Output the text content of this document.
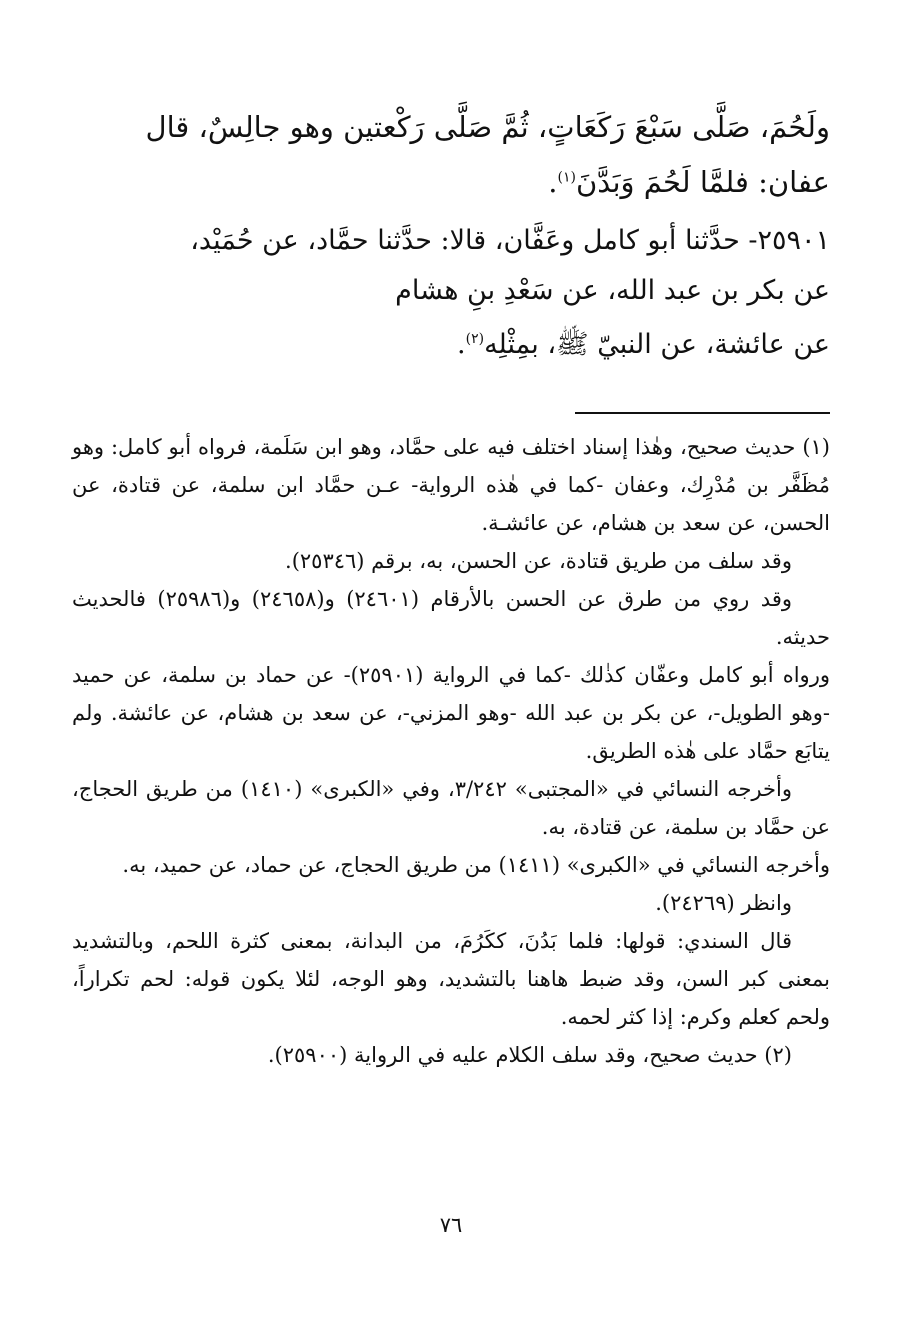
ولَحُمَ، صَلَّى سَبْعَ رَكَعَاتٍ، ثُمَّ صَلَّى رَكْعتين وهو جالِسٌ، قال
عفان: فلمَّا لَحُمَ وَبَدَّنَ$^{(١)}$.

٢٥٩٠١- حدَّثنا أبو كامل وعَفَّان، قالا: حدَّثنا حمَّاد، عن حُمَيْد،
عن بكر بن عبد الله، عن سَعْدِ بنِ هشام

عن عائشة، عن النبيّ ﷺ، بمِثْلِه$^{(٢)}$.

(١) حديث صحيح، وهٰذا إسناد اختلف فيه على حمَّاد، وهو ابن سَلَمة، فرواه أبو كامل: وهو مُظَفَّر بن مُدْرِك، وعفان -كما في هٰذه الرواية- عـن حمَّاد ابن سلمة، عن قتادة، عن الحسن، عن سعد بن هشام، عن عائشـة.

وقد سلف من طريق قتادة، عن الحسن، به، برقم (٢٥٣٤٦).

وقد روي من طرق عن الحسن بالأرقام (٢٤٦٠١) و(٢٤٦٥٨) و(٢٥٩٨٦) فالحديث حديثه.

ورواه أبو كامل وعفّان كذٰلك -كما في الرواية (٢٥٩٠١)- عن حماد بن سلمة، عن حميد -وهو الطويل-، عن بكر بن عبد الله -وهو المزني-، عن سعد بن هشام، عن عائشة. ولم يتابَع حمَّاد على هٰذه الطريق.

وأخرجه النسائي في «المجتبى» ٣/٢٤٢، وفي «الكبرى» (١٤١٠) من طريق الحجاج، عن حمَّاد بن سلمة، عن قتادة، به.

وأخرجه النسائي في «الكبرى» (١٤١١) من طريق الحجاج، عن حماد، عن حميد، به.

وانظر (٢٤٢٦٩).

قال السندي: قولها: فلما بَدُنَ، ككَرُمَ، من البدانة، بمعنى كثرة اللحم، وبالتشديد بمعنى كبر السن، وقد ضبط هاهنا بالتشديد، وهو الوجه، لئلا يكون قوله: لحم تكراراً، ولحم كعلم وكرم: إذا كثر لحمه.

(٢) حديث صحيح، وقد سلف الكلام عليه في الرواية (٢٥٩٠٠).

٧٦
